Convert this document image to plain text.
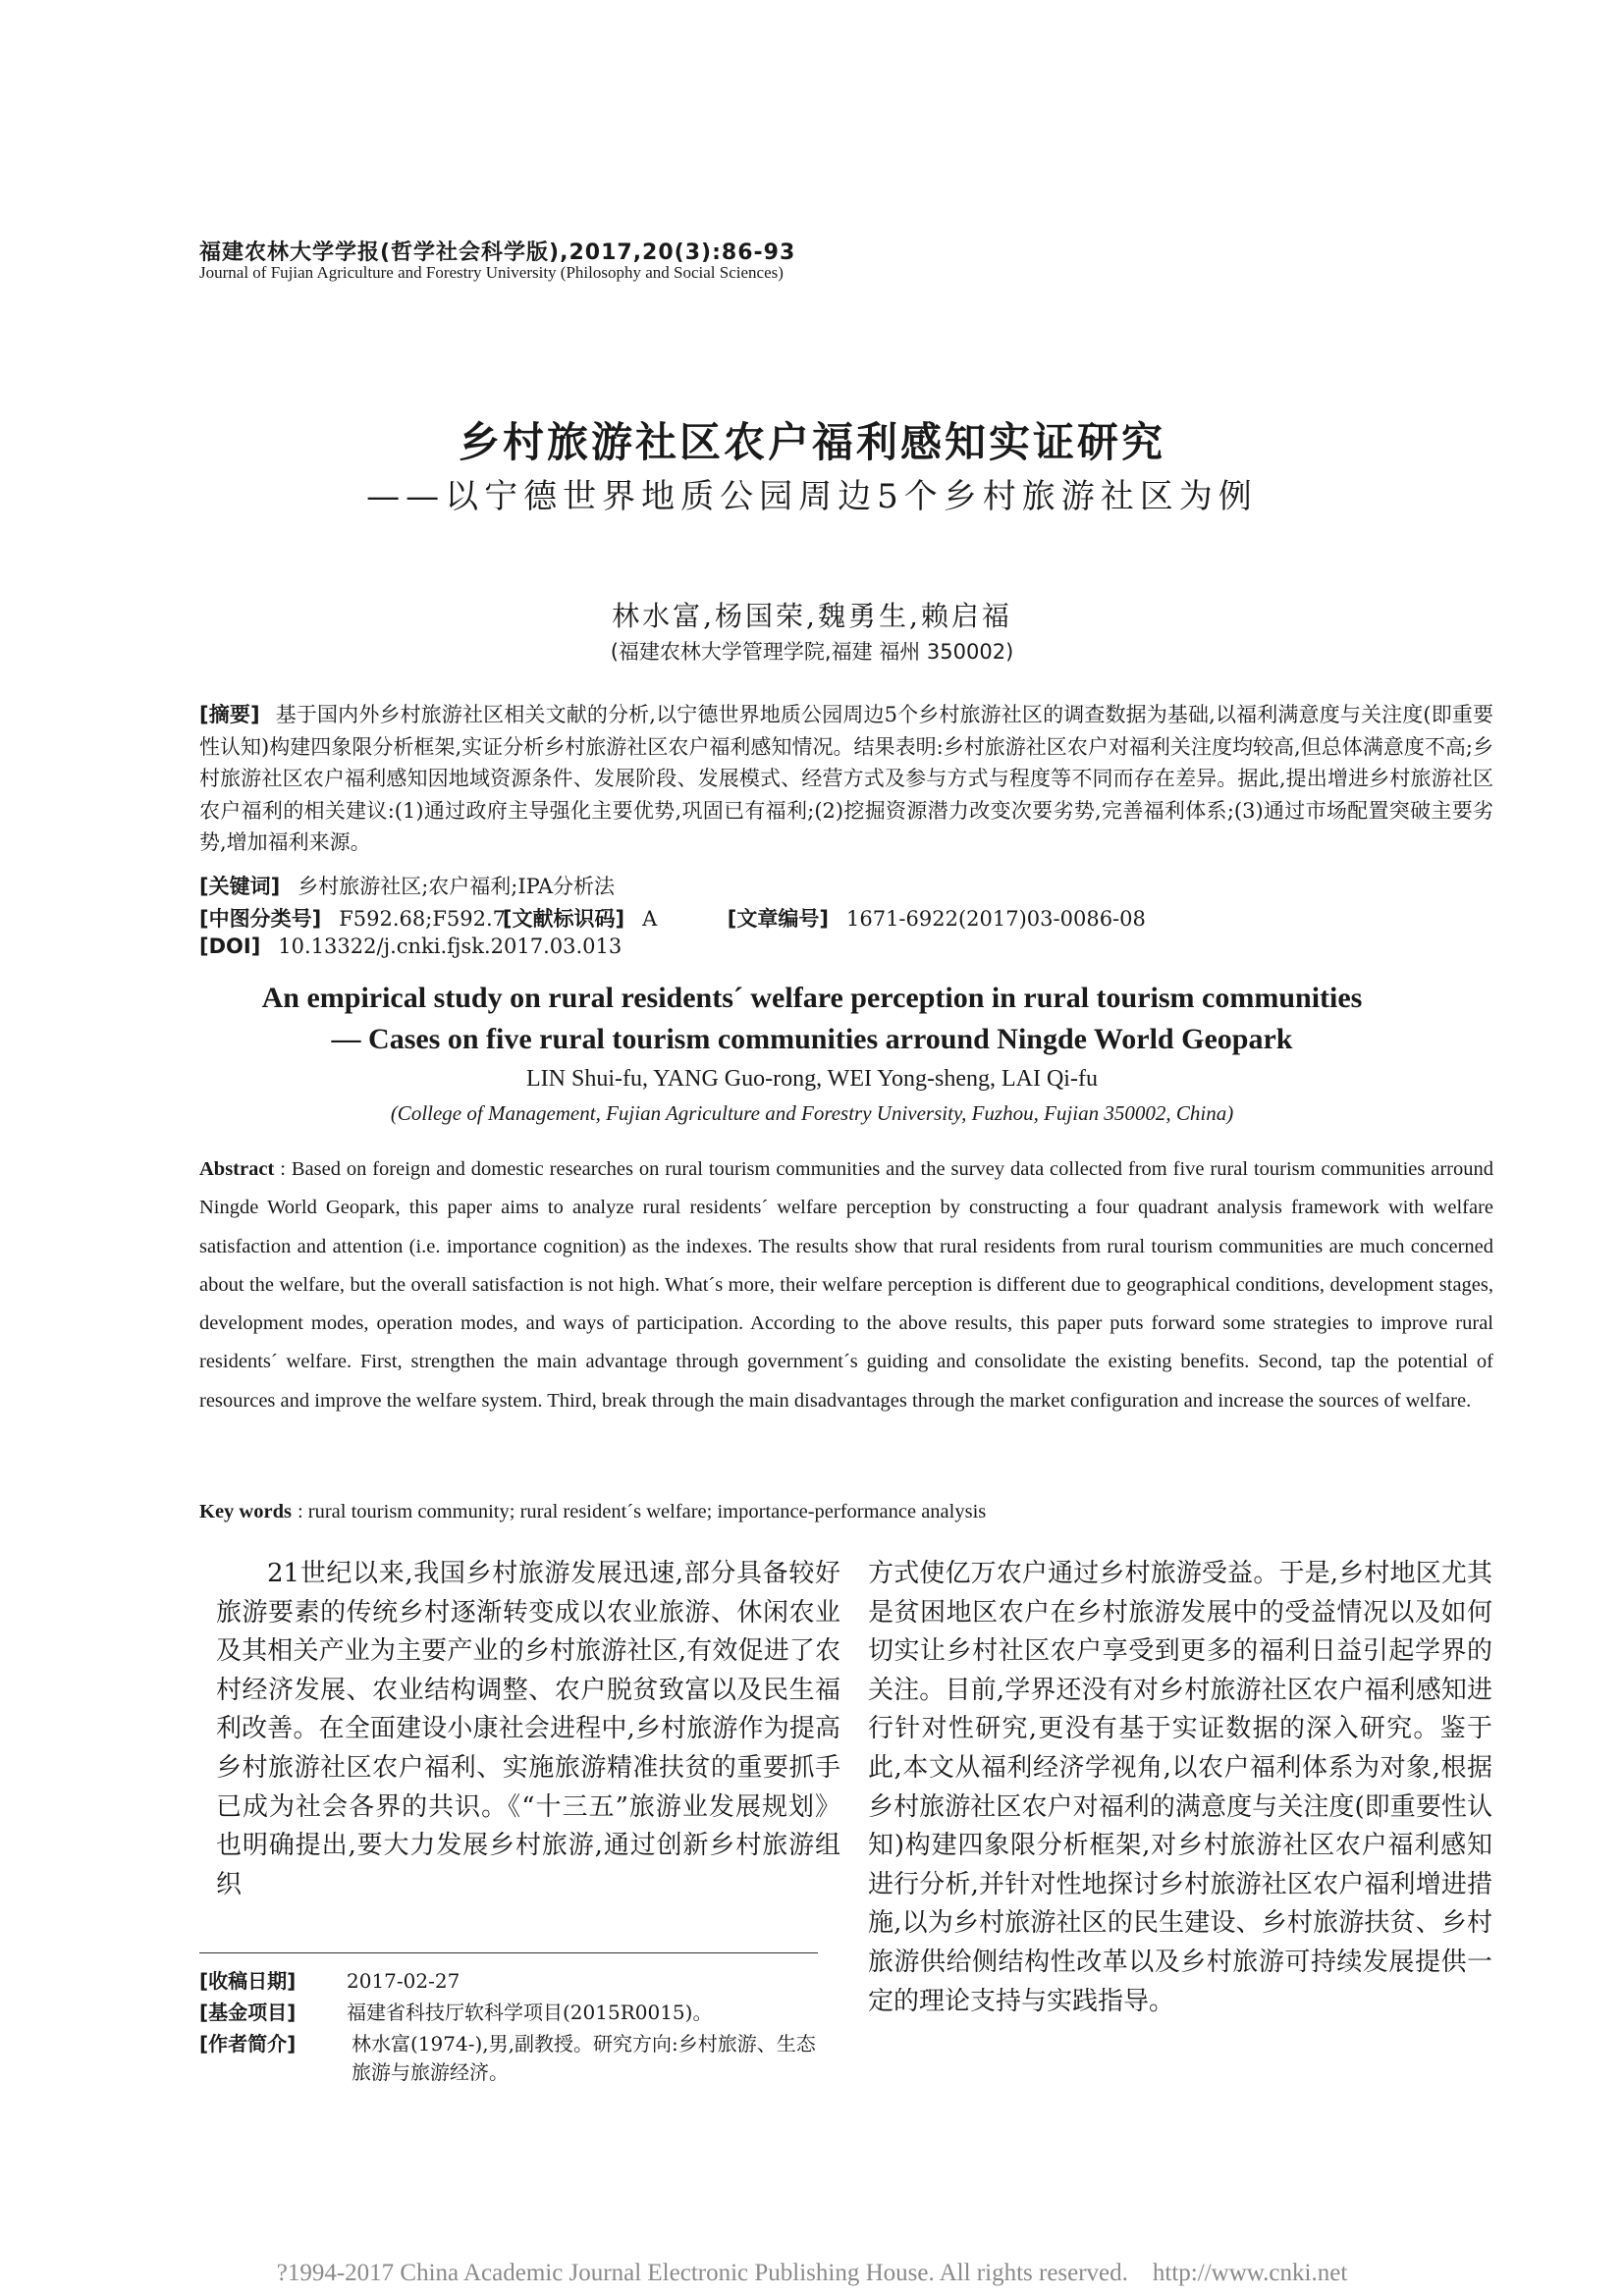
福建农林大学学报(哲学社会科学版),2017,20(3):86-93
Journal of Fujian Agriculture and Forestry University (Philosophy and Social Sciences)
乡村旅游社区农户福利感知实证研究
——以宁德世界地质公园周边5个乡村旅游社区为例
林水富,杨国荣,魏勇生,赖启福
(福建农林大学管理学院,福建 福州 350002)
[摘要] 基于国内外乡村旅游社区相关文献的分析,以宁德世界地质公园周边5个乡村旅游社区的调查数据为基础,以福利满意度与关注度(即重要性认知)构建四象限分析框架,实证分析乡村旅游社区农户福利感知情况。结果表明:乡村旅游社区农户对福利关注度均较高,但总体满意度不高;乡村旅游社区农户福利感知因地域资源条件、发展阶段、发展模式、经营方式及参与方式与程度等不同而存在差异。据此,提出增进乡村旅游社区农户福利的相关建议:(1)通过政府主导强化主要优势,巩固已有福利;(2)挖掘资源潜力改变次要劣势,完善福利体系;(3)通过市场配置突破主要劣势,增加福利来源。
[关键词] 乡村旅游社区;农户福利;IPA分析法
[中图分类号] F592.68;F592.7 [文献标识码] A	[文章编号] 1671-6922(2017)03-0086-08
[DOI] 10.13322/j.cnki.fjsk.2017.03.013
An empirical study on rural residents´ welfare perception in rural tourism communities
— Cases on five rural tourism communities arround Ningde World Geopark
LIN Shui-fu, YANG Guo-rong, WEI Yong-sheng, LAI Qi-fu
(College of Management, Fujian Agriculture and Forestry University, Fuzhou, Fujian 350002, China)
Abstract : Based on foreign and domestic researches on rural tourism communities and the survey data collected from five rural tourism communities arround Ningde World Geopark, this paper aims to analyze rural residents´ welfare perception by constructing a four quadrant analysis framework with welfare satisfaction and attention (i.e. importance cognition) as the indexes. The results show that rural residents from rural tourism communities are much concerned about the welfare, but the overall satisfaction is not high. What´s more, their welfare perception is different due to geographical conditions, development stages, development modes, operation modes, and ways of participation. According to the above results, this paper puts forward some strategies to improve rural residents´ welfare. First, strengthen the main advantage through government´s guiding and consolidate the existing benefits. Second, tap the potential of resources and improve the welfare system. Third, break through the main disadvantages through the market configuration and increase the sources of welfare.
Key words : rural tourism community; rural resident´s welfare; importance-performance analysis
21世纪以来,我国乡村旅游发展迅速,部分具备较好旅游要素的传统乡村逐渐转变成以农业旅游、休闲农业及其相关产业为主要产业的乡村旅游社区,有效促进了农村经济发展、农业结构调整、农户脱贫致富以及民生福利改善。在全面建设小康社会进程中,乡村旅游作为提高乡村旅游社区农户福利、实施旅游精准扶贫的重要抓手已成为社会各界的共识。《“十三五”旅游业发展规划》也明确提出,要大力发展乡村旅游,通过创新乡村旅游组织
方式使亿万农户通过乡村旅游受益。于是,乡村地区尤其是贫困地区农户在乡村旅游发展中的受益情况以及如何切实让乡村社区农户享受到更多的福利日益引起学界的关注。目前,学界还没有对乡村旅游社区农户福利感知进行针对性研究,更没有基于实证数据的深入研究。鉴于此,本文从福利经济学视角,以农户福利体系为对象,根据乡村旅游社区农户对福利的满意度与关注度(即重要性认知)构建四象限分析框架,对乡村旅游社区农户福利感知进行分析,并针对性地探讨乡村旅游社区农户福利增进措施,以为乡村旅游社区的民生建设、乡村旅游扶贫、乡村旅游供给侧结构性改革以及乡村旅游可持续发展提供一定的理论支持与实践指导。
[收稿日期]	2017-02-27
[基金项目]	福建省科技厅软科学项目(2015R0015)。
[作者简介]	林水富(1974-),男,副教授。研究方向:乡村旅游、生态旅游与旅游经济。
?1994-2017 China Academic Journal Electronic Publishing House. All rights reserved.    http://www.cnki.net
